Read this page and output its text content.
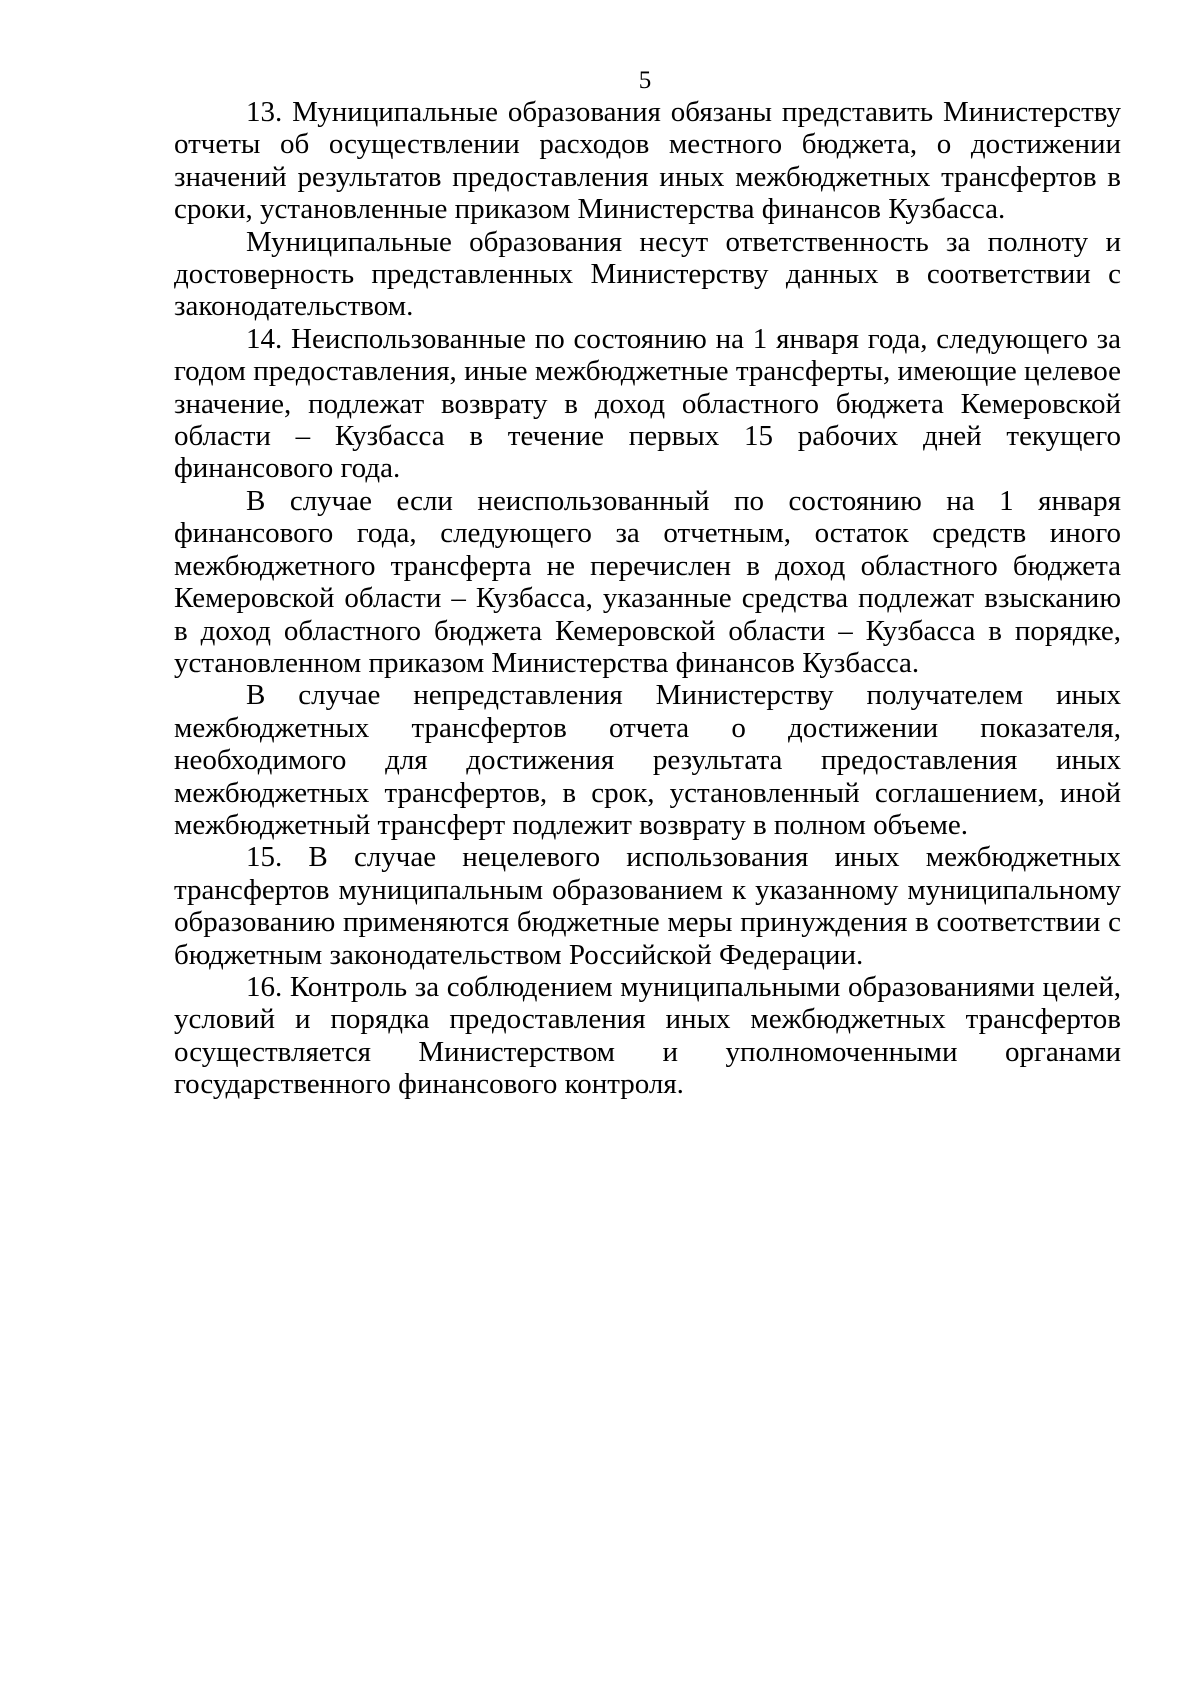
5

13. Муниципальные образования обязаны представить Министерству отчеты об осуществлении расходов местного бюджета, о достижении значений результатов предоставления иных межбюджетных трансфертов в сроки, установленные приказом Министерства финансов Кузбасса.

Муниципальные образования несут ответственность за полноту и достоверность представленных Министерству данных в соответствии с законодательством.

14. Неиспользованные по состоянию на 1 января года, следующего за годом предоставления, иные межбюджетные трансферты, имеющие целевое значение, подлежат возврату в доход областного бюджета Кемеровской области – Кузбасса в течение первых 15 рабочих дней текущего финансового года.

В случае если неиспользованный по состоянию на 1 января финансового года, следующего за отчетным, остаток средств иного межбюджетного трансферта не перечислен в доход областного бюджета Кемеровской области – Кузбасса, указанные средства подлежат взысканию в доход областного бюджета Кемеровской области – Кузбасса в порядке, установленном приказом Министерства финансов Кузбасса.

В случае непредставления Министерству получателем иных межбюджетных трансфертов отчета о достижении показателя, необходимого для достижения результата предоставления иных межбюджетных трансфертов, в срок, установленный соглашением, иной межбюджетный трансферт подлежит возврату в полном объеме.

15. В случае нецелевого использования иных межбюджетных трансфертов муниципальным образованием к указанному муниципальному образованию применяются бюджетные меры принуждения в соответствии с бюджетным законодательством Российской Федерации.

16. Контроль за соблюдением муниципальными образованиями целей, условий и порядка предоставления иных межбюджетных трансфертов осуществляется Министерством и уполномоченными органами государственного финансового контроля.
